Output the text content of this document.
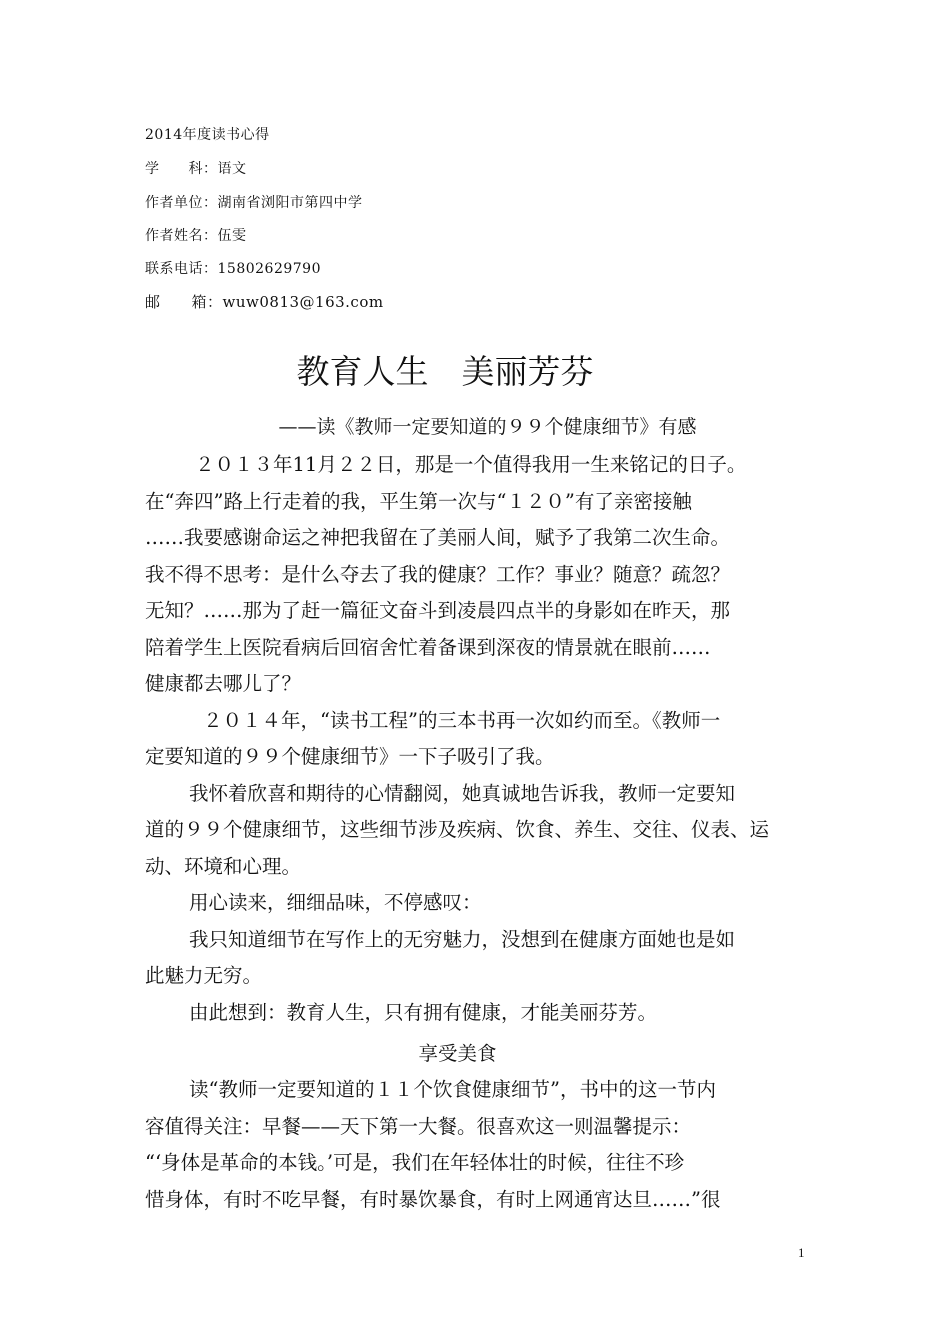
2014年度读书心得
学　　科：语文
作者单位：湖南省浏阳市第四中学
作者姓名：伍雯
联系电话：15802629790
邮　　箱：wuw0813@163.com
教育人生　美丽芳芬
——读《教师一定要知道的９９个健康细节》有感
２０１３年11月２２日，那是一个值得我用一生来铭记的日子。
在“奔四”路上行走着的我，平生第一次与“１２０”有了亲密接触
……我要感谢命运之神把我留在了美丽人间，赋予了我第二次生命。
我不得不思考：是什么夺去了我的健康？工作？事业？随意？疏忽？
无知？……那为了赶一篇征文奋斗到凌晨四点半的身影如在昨天，那
陪着学生上医院看病后回宿舍忙着备课到深夜的情景就在眼前……
健康都去哪儿了？
２０１４年，“读书工程”的三本书再一次如约而至。《教师一
定要知道的９９个健康细节》一下子吸引了我。
我怀着欣喜和期待的心情翻阅，她真诚地告诉我，教师一定要知
道的９９个健康细节，这些细节涉及疾病、饮食、养生、交往、仪表、运
动、环境和心理。
用心读来，细细品味，不停感叹：
我只知道细节在写作上的无穷魅力，没想到在健康方面她也是如
此魅力无穷。
由此想到：教育人生，只有拥有健康，才能美丽芬芳。
享受美食
读“教师一定要知道的１１个饮食健康细节”，书中的这一节内
容值得关注：早餐——天下第一大餐。很喜欢这一则温馨提示：
“‘身体是革命的本钱。’可是，我们在年轻体壮的时候，往往不珍
惜身体，有时不吃早餐，有时暴饮暴食，有时上网通宵达旦……”很
1
